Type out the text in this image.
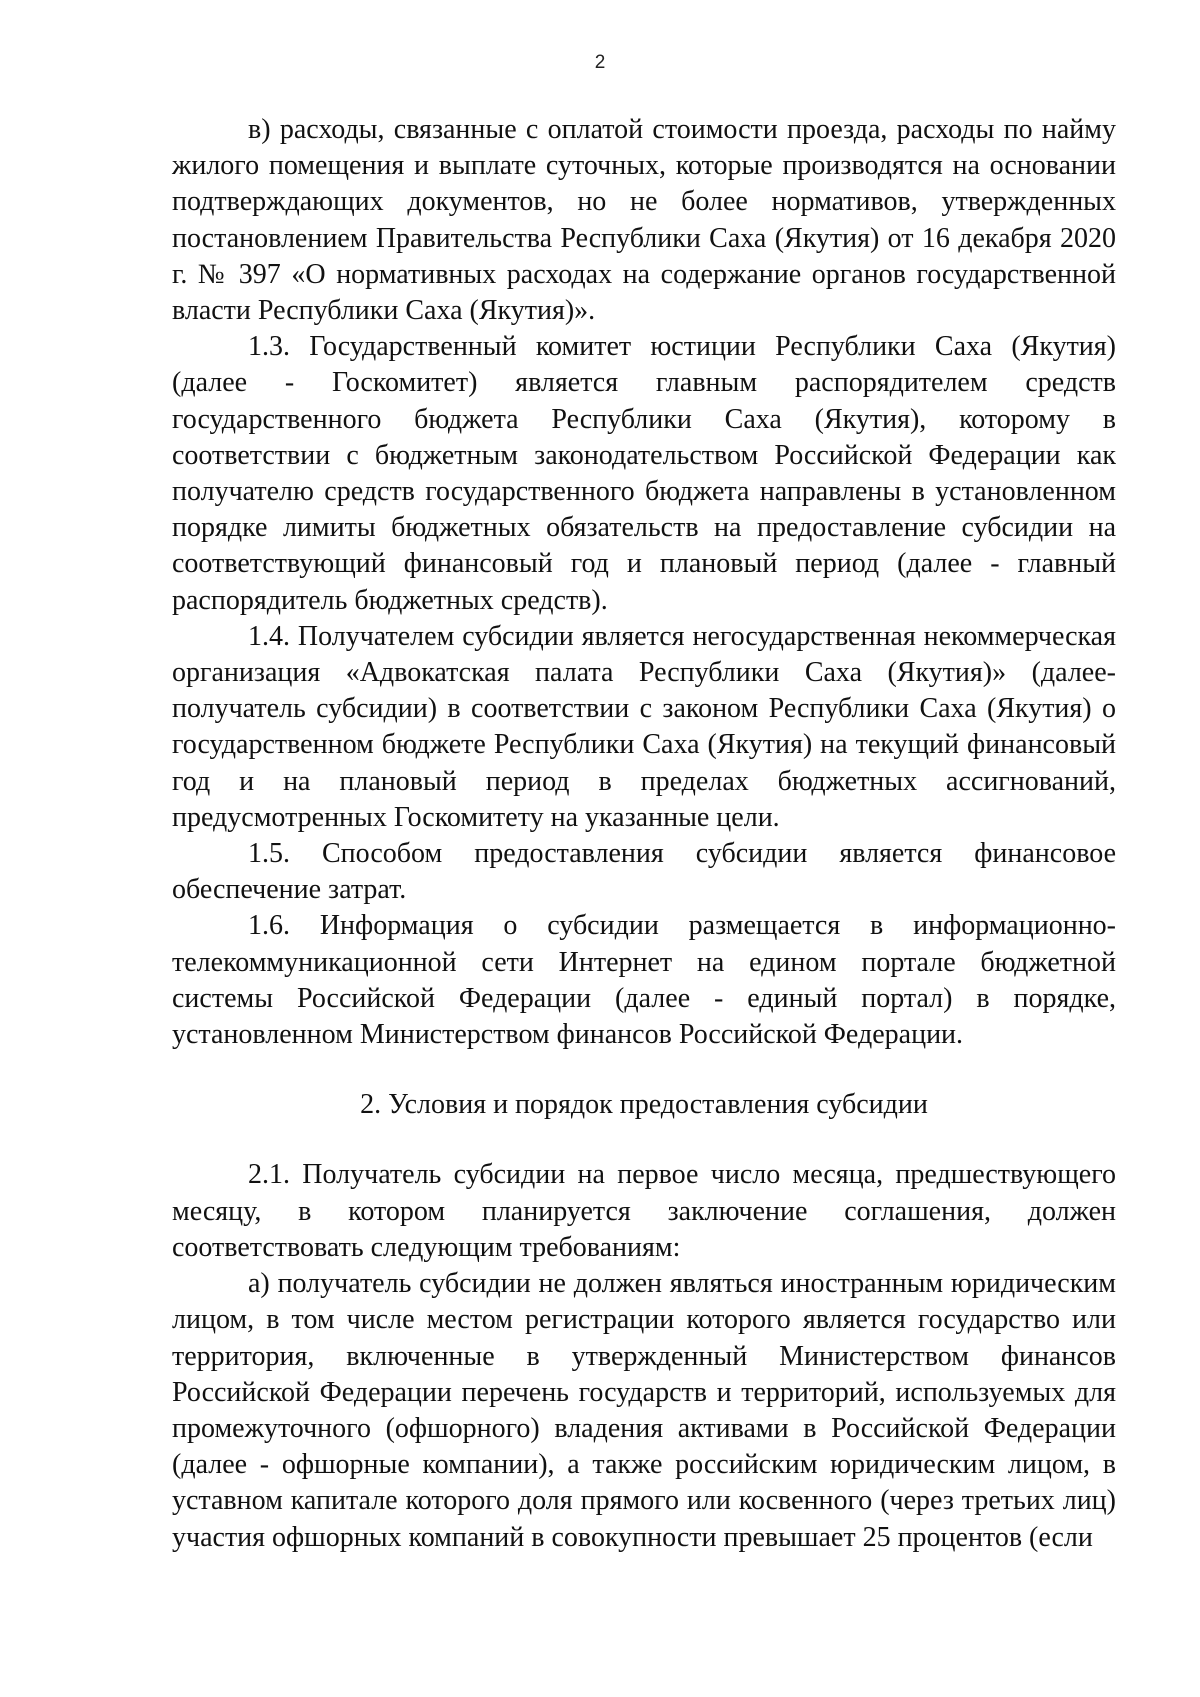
2

в) расходы, связанные с оплатой стоимости проезда, расходы по найму жилого помещения и выплате суточных, которые производятся на основании подтверждающих документов, но не более нормативов, утвержденных постановлением Правительства Республики Саха (Якутия) от 16 декабря 2020 г. № 397 «О нормативных расходах на содержание органов государственной власти Республики Саха (Якутия)».

1.3. Государственный комитет юстиции Республики Саха (Якутия) (далее - Госкомитет) является главным распорядителем средств государственного бюджета Республики Саха (Якутия), которому в соответствии с бюджетным законодательством Российской Федерации как получателю средств государственного бюджета направлены в установленном порядке лимиты бюджетных обязательств на предоставление субсидии на соответствующий финансовый год и плановый период (далее - главный распорядитель бюджетных средств).

1.4. Получателем субсидии является негосударственная некоммерческая организация «Адвокатская палата Республики Саха (Якутия)» (далее-получатель субсидии) в соответствии с законом Республики Саха (Якутия) о государственном бюджете Республики Саха (Якутия) на текущий финансовый год и на плановый период в пределах бюджетных ассигнований, предусмотренных Госкомитету на указанные цели.

1.5. Способом предоставления субсидии является финансовое обеспечение затрат.

1.6. Информация о субсидии размещается в информационно-телекоммуникационной сети Интернет на едином портале бюджетной системы Российской Федерации (далее - единый портал) в порядке, установленном Министерством финансов Российской Федерации.

2. Условия и порядок предоставления субсидии

2.1. Получатель субсидии на первое число месяца, предшествующего месяцу, в котором планируется заключение соглашения, должен соответствовать следующим требованиям:

а) получатель субсидии не должен являться иностранным юридическим лицом, в том числе местом регистрации которого является государство или территория, включенные в утвержденный Министерством финансов Российской Федерации перечень государств и территорий, используемых для промежуточного (офшорного) владения активами в Российской Федерации (далее - офшорные компании), а также российским юридическим лицом, в уставном капитале которого доля прямого или косвенного (через третьих лиц) участия офшорных компаний в совокупности превышает 25 процентов (если
